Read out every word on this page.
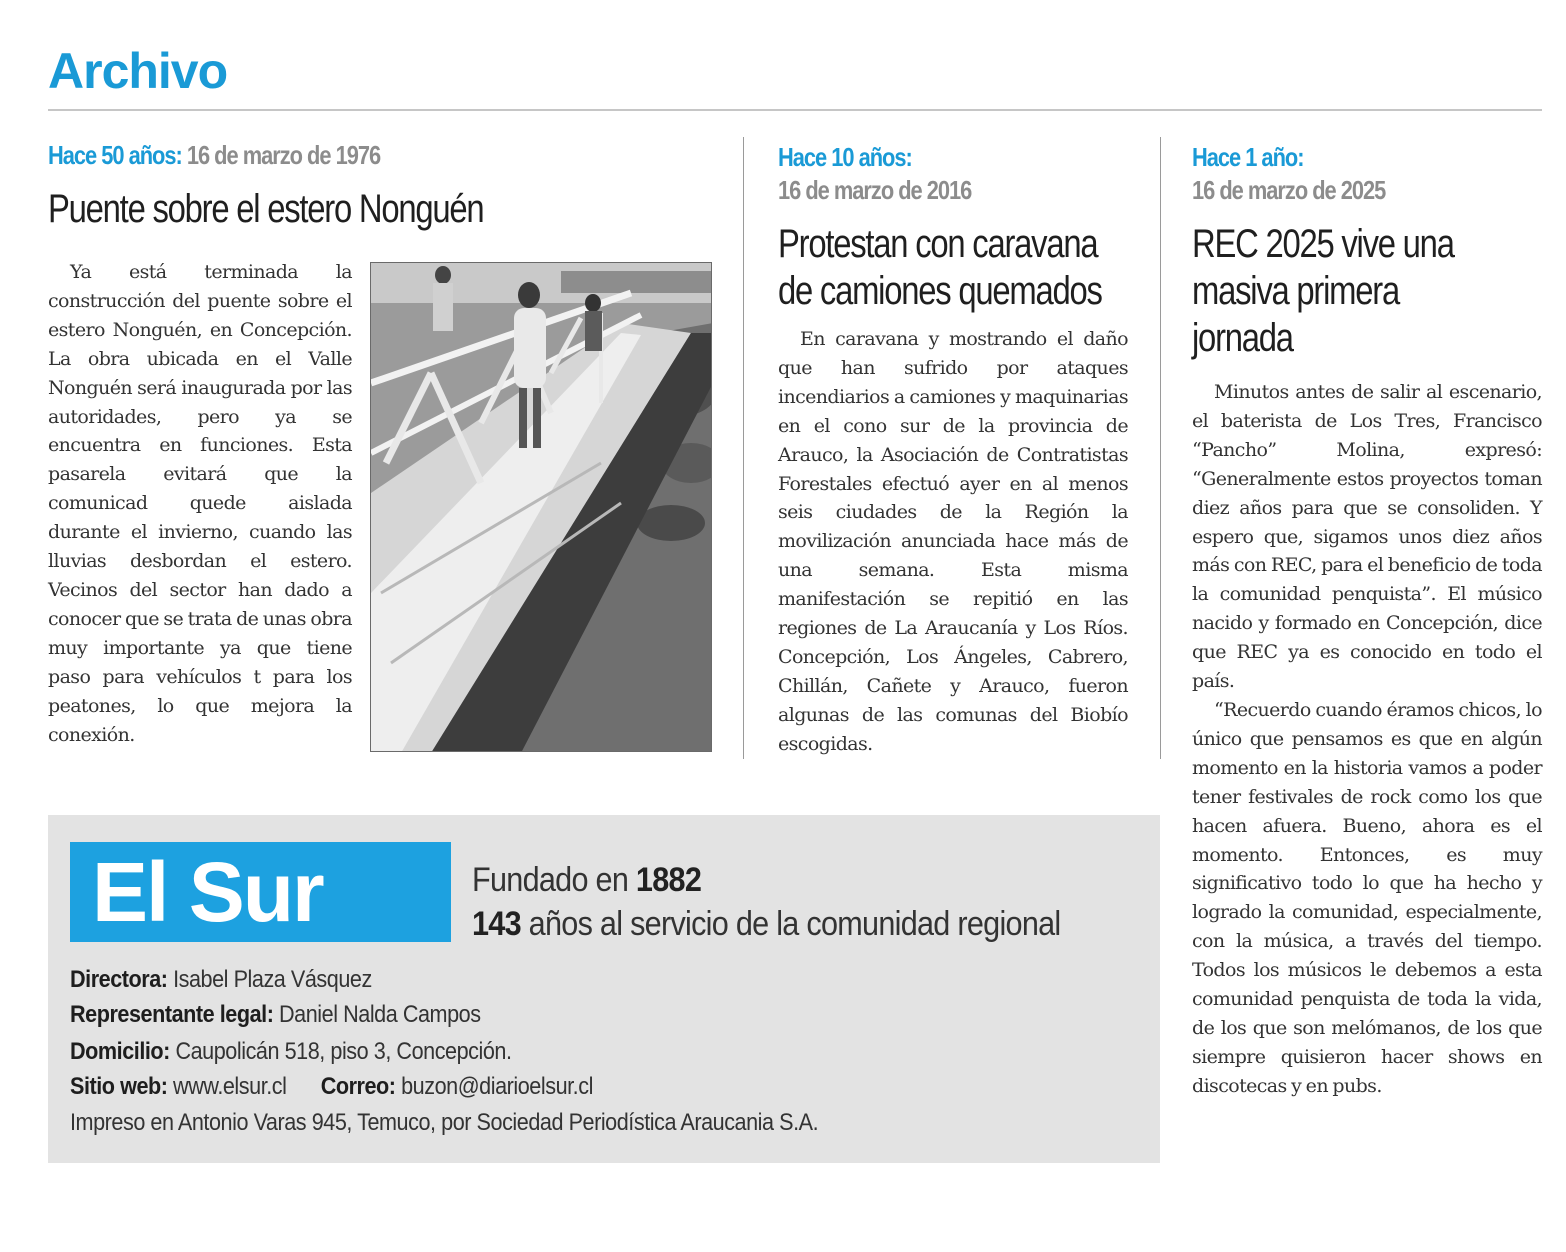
Archivo
Hace 50 años: 16 de marzo de 1976
Puente sobre el estero Nonguén
Ya está terminada la construcción del puente sobre el estero Nonguén, en Concepción. La obra ubicada en el Valle Nonguén será inaugurada por las autoridades, pero ya se encuentra en funciones. Esta pasarela evitará que la comunicad quede aislada durante el invierno, cuando las lluvias desbordan el estero. Vecinos del sector han dado a conocer que se trata de unas obra muy importante ya que tiene paso para vehículos t para los peatones, lo que mejora la conexión.
Hace 10 años:
16 de marzo de 2016
Protestan con caravana de camiones quemados
En caravana y mostrando el daño que han sufrido por ataques incendiarios a camiones y maquinarias en el cono sur de la provincia de Arauco, la Asociación de Contratistas Forestales efectuó ayer en al menos seis ciudades de la Región la movilización anunciada hace más de una semana. Esta misma manifestación se repitió en las regiones de La Araucanía y Los Ríos. Concepción, Los Ángeles, Cabrero, Chillán, Cañete y Arauco, fueron algunas de las comunas del Biobío escogidas.
Hace 1 año:
16 de marzo de 2025
REC 2025 vive una masiva primera jornada

Minutos antes de salir al escenario, el baterista de Los Tres, Francisco “Pancho” Molina, expresó: “Generalmente estos proyectos toman diez años para que se consoliden. Y espero que, sigamos unos diez años más con REC, para el beneficio de toda la comunidad penquista”. El músico nacido y formado en Concepción, dice que REC ya es conocido en todo el país.

“Recuerdo cuando éramos chicos, lo único que pensamos es que en algún momento en la historia vamos a poder tener festivales de rock como los que hacen afuera. Bueno, ahora es el momento. Entonces, es muy significativo todo lo que ha hecho y logrado la comunidad, especialmente, con la música, a través del tiempo. Todos los músicos le debemos a esta comunidad penquista de toda la vida, de los que son melómanos, de los que siempre quisieron hacer shows en discotecas y en pubs.

El Sur	Fundado en 1882
143 años al servicio de la comunidad regional
Directora: Isabel Plaza Vásquez
Representante legal: Daniel Nalda Campos
Domicilio: Caupolicán 518, piso 3, Concepción.
Sitio web: www.elsur.cl Correo: buzon@diarioelsur.cl
Impreso en Antonio Varas 945, Temuco, por Sociedad Periodística Araucania S.A.
